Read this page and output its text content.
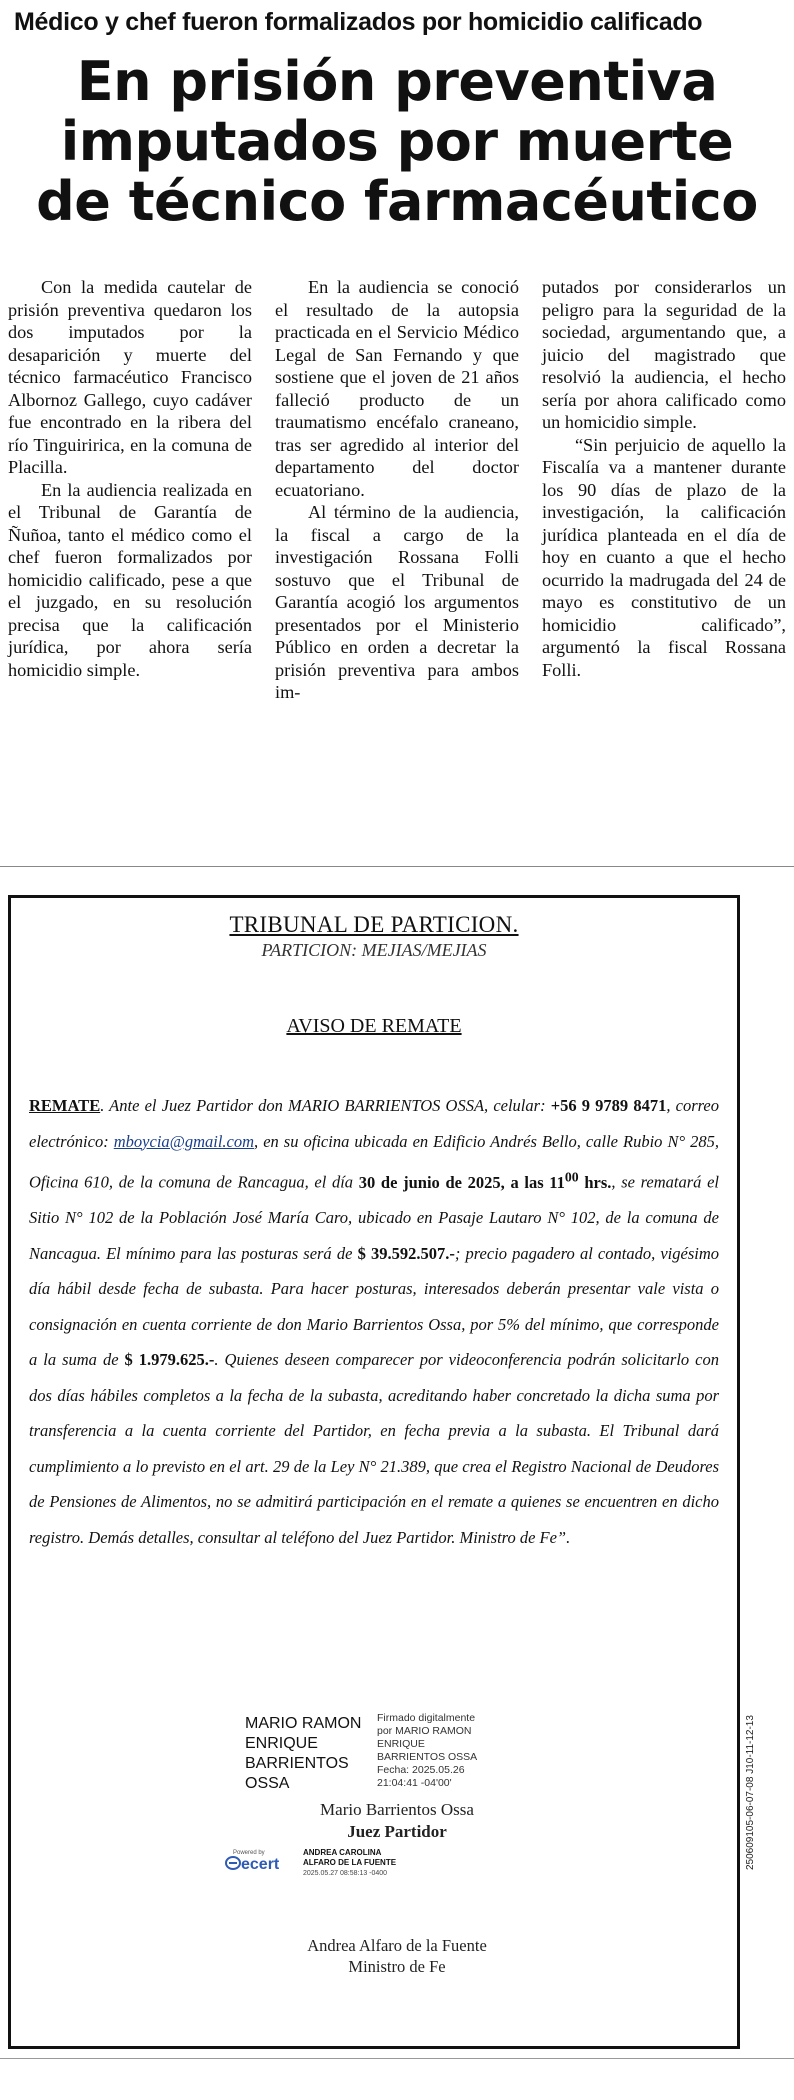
Médico y chef fueron formalizados por homicidio calificado
En prisión preventiva
imputados por muerte
de técnico farmacéutico

Con la medida cautelar de prisión preventiva quedaron los dos imputados por la desaparición y muerte del técnico farmacéutico Francisco Albornoz Gallego, cuyo cadáver fue encontrado en la ribera del río Tinguiririca, en la comuna de Placilla.

En la audiencia realizada en el Tribunal de Garantía de Ñuñoa, tanto el médico como el chef fueron formalizados por homicidio calificado, pese a que el juzgado, en su resolución precisa que la calificación jurídica, por ahora sería homicidio simple.

En la audiencia se conoció el resultado de la autopsia practicada en el Servicio Médico Legal de San Fernando y que sostiene que el joven de 21 años falleció producto de un traumatismo encéfalo craneano, tras ser agredido al interior del departamento del doctor ecuatoriano.

Al término de la audiencia, la fiscal a cargo de la investigación Rossana Folli sostuvo que el Tribunal de Garantía acogió los argumentos presentados por el Ministerio Público en orden a decretar la prisión preventiva para ambos im-

putados por considerarlos un peligro para la seguridad de la sociedad, argumentando que, a juicio del magistrado que resolvió la audiencia, el hecho sería por ahora calificado como un homicidio simple.

“Sin perjuicio de aquello la Fiscalía va a mantener durante los 90 días de plazo de la investigación, la calificación jurídica planteada en el día de hoy en cuanto a que el hecho ocurrido la madrugada del 24 de mayo es constitutivo de un homicidio calificado”, argumentó la fiscal Rossana Folli.

TRIBUNAL DE PARTICION.
PARTICION: MEJIAS/MEJIAS
AVISO DE REMATE
REMATE. Ante el Juez Partidor don MARIO BARRIENTOS OSSA, celular: +56 9 9789 8471, correo electrónico: mboycia@gmail.com, en su oficina ubicada en Edificio Andrés Bello, calle Rubio N° 285, Oficina 610, de la comuna de Rancagua, el día 30 de junio de 2025, a las $11^{00}$ hrs., se rematará el Sitio N° 102 de la Población José María Caro, ubicado en Pasaje Lautaro N° 102, de la comuna de Nancagua. El mínimo para las posturas será de $ 39.592.507.-; precio pagadero al contado, vigésimo día hábil desde fecha de subasta. Para hacer posturas, interesados deberán presentar vale vista o consignación en cuenta corriente de don Mario Barrientos Ossa, por 5% del mínimo, que corresponde a la suma de $ 1.979.625.-. Quienes deseen comparecer por videoconferencia podrán solicitarlo con dos días hábiles completos a la fecha de la subasta, acreditando haber concretado la dicha suma por transferencia a la cuenta corriente del Partidor, en fecha previa a la subasta. El Tribunal dará cumplimiento a lo previsto en el art. 29 de la Ley N° 21.389, que crea el Registro Nacional de Deudores de Pensiones de Alimentos, no se admitirá participación en el remate a quienes se encuentren en dicho registro. Demás detalles, consultar al teléfono del Juez Partidor. Ministro de Fe”.
MARIO RAMON
ENRIQUE
BARRIENTOS
OSSA
Firmado digitalmente
por MARIO RAMON
ENRIQUE
BARRIENTOS OSSA
Fecha: 2025.05.26
21:04:41 -04'00'
Mario Barrientos Ossa
Juez Partidor
Powered by
ecert
ANDREA CAROLINA
ALFARO DE LA FUENTE
2025.05.27 08:58:13 -0400
Andrea Alfaro de la Fuente
Ministro de Fe
250609105-06-07-08 J10-11-12-13
